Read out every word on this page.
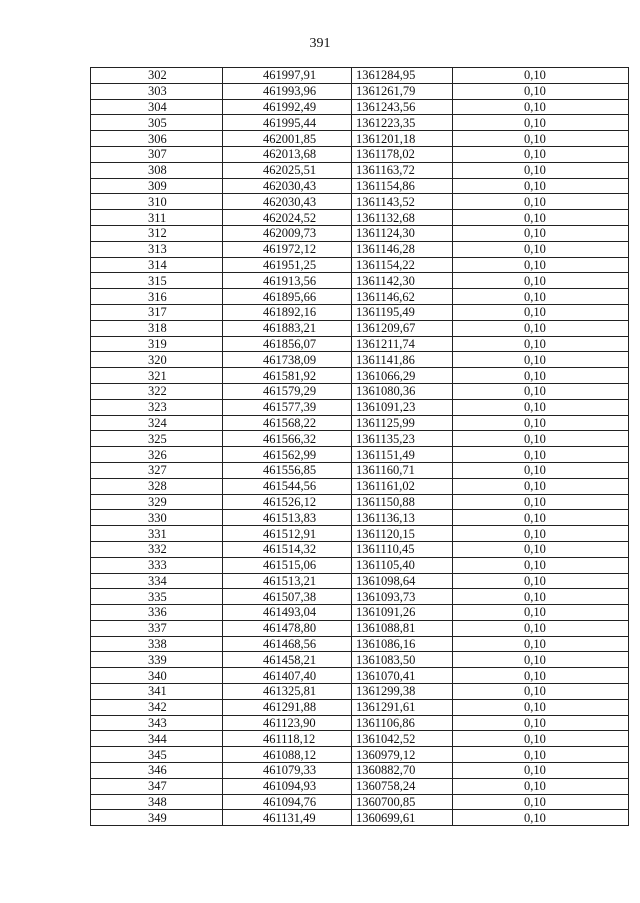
391
302	461997,91	1361284,95	0,10
303	461993,96	1361261,79	0,10
304	461992,49	1361243,56	0,10
305	461995,44	1361223,35	0,10
306	462001,85	1361201,18	0,10
307	462013,68	1361178,02	0,10
308	462025,51	1361163,72	0,10
309	462030,43	1361154,86	0,10
310	462030,43	1361143,52	0,10
311	462024,52	1361132,68	0,10
312	462009,73	1361124,30	0,10
313	461972,12	1361146,28	0,10
314	461951,25	1361154,22	0,10
315	461913,56	1361142,30	0,10
316	461895,66	1361146,62	0,10
317	461892,16	1361195,49	0,10
318	461883,21	1361209,67	0,10
319	461856,07	1361211,74	0,10
320	461738,09	1361141,86	0,10
321	461581,92	1361066,29	0,10
322	461579,29	1361080,36	0,10
323	461577,39	1361091,23	0,10
324	461568,22	1361125,99	0,10
325	461566,32	1361135,23	0,10
326	461562,99	1361151,49	0,10
327	461556,85	1361160,71	0,10
328	461544,56	1361161,02	0,10
329	461526,12	1361150,88	0,10
330	461513,83	1361136,13	0,10
331	461512,91	1361120,15	0,10
332	461514,32	1361110,45	0,10
333	461515,06	1361105,40	0,10
334	461513,21	1361098,64	0,10
335	461507,38	1361093,73	0,10
336	461493,04	1361091,26	0,10
337	461478,80	1361088,81	0,10
338	461468,56	1361086,16	0,10
339	461458,21	1361083,50	0,10
340	461407,40	1361070,41	0,10
341	461325,81	1361299,38	0,10
342	461291,88	1361291,61	0,10
343	461123,90	1361106,86	0,10
344	461118,12	1361042,52	0,10
345	461088,12	1360979,12	0,10
346	461079,33	1360882,70	0,10
347	461094,93	1360758,24	0,10
348	461094,76	1360700,85	0,10
349	461131,49	1360699,61	0,10
